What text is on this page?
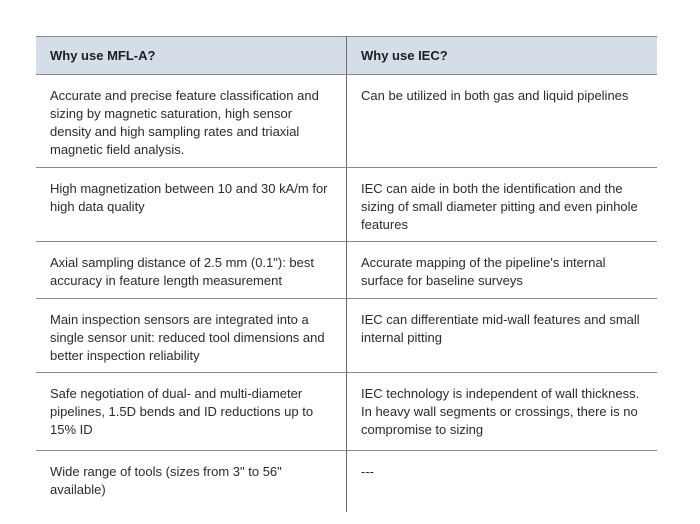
Why use MFL-A?	Why use IEC?
Accurate and precise feature classification and sizing by magnetic saturation, high sensor density and high sampling rates and triaxial magnetic field analysis.
Can be utilized in both gas and liquid pipelines
High magnetization between 10 and 30 kA/m for high data quality
IEC can aide in both the identification and the sizing of small diameter pitting and even pinhole features
Axial sampling distance of 2.5 mm (0.1"): best accuracy in feature length measurement
Accurate mapping of the pipeline's internal surface for baseline surveys
Main inspection sensors are integrated into a single sensor unit: reduced tool dimensions and better inspection reliability
IEC can differentiate mid-wall features and small internal pitting
Safe negotiation of dual- and multi-diameter pipelines, 1.5D bends and ID reductions up to 15% ID
IEC technology is independent of wall thickness. In heavy wall segments or crossings, there is no compromise to sizing
Wide range of tools (sizes from 3" to 56" available)
---
